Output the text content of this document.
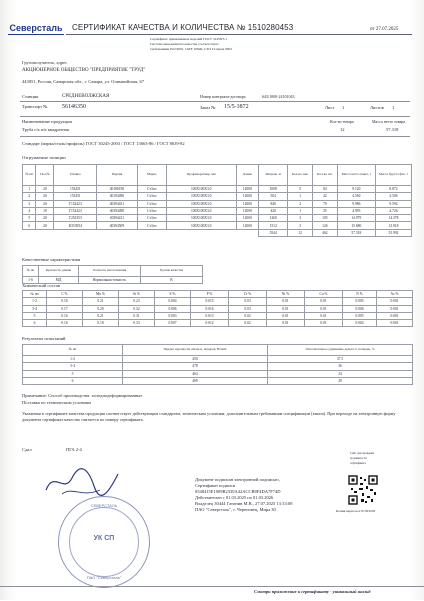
Северсталь СЕРТИФИКАТ КАЧЕСТВА И КОЛИЧЕСТВА № 1510280453	от 27.07.2025
Сертификат применяемых изделий ГОСТ 31458/3.1
Система менеджмента качества соответствует
требованиям ISO 9001, IATF 16949, СТО Газпром 9001
Грузополучатель, адрес
АКЦИОНЕРНОЕ ОБЩЕСТВО "ПРЕДПРИЯТИЕ "ТРУД"
443051, Россия, Самарская обл., г. Самара, ул. Олимпийская, 67
Станция	СРЕДНЕВОЛЖСКАЯ	Номер контракта-договора	643/1000-24101043
Транспорт № 56146350	Заказ № 15/5-3872	Лист 1	Листов 1
Наименование продукции
Труба г/к п/к квадратная
Кол-во товара	Масса нетто товара
12	57.318
Стандарт (марка/сталь/профиль) ГОСТ 30245-2003 / ГОСТ 13663-86 / ГОСТ 8639-82
Отгружаемые позиции
№ пп	Поз.№	Плавка	Партия	Марка	Профилеразмер, мм	Длина	Метраж, м	Кол-во пак.	Кол-во шт.	Масса нетто пакет, т	Масса брутто фак. т
1	20	153451	40180190	Ст3сп	100Х100Х3.0	12000	1008	5	84	9.120	8.872
2	20	153451	40194490	Ст3сп	100Х100Х3.0	12000	504	1	42	4.560	4.506
3	20	Г152423	40394431	Ст3сп	100Х100Х3.0	12000	840	2	70	9.986	9.592
4	10	Г152423	40394490	Ст3сп	100Х100Х3.0	12000	420	1	35	4.993	4.726
5	20	Г252353	40394411	Ст3сп	100Х100Х3.0	12000	1260	3	105	14.979	14.378
6	20	К353954	40394509	Ст3сп	100Х100Х3.0	12000	1512	3	126	15.680	13.918
							5544	12	462	57.318	55.992
Качественные характеристики
№ пп	Кратность длины	Точность изготовления	Группа качества
1-6	МД	Нормальная точность	В
Химический состав
№ пп	C %	Mn %	Si %	S %	P %	Cr %	Ni %	Cu %	N %	As %
1-2	0.16	0.21	0.23	0.004	0.015	0.03	0.01	0.01	0.005	0.001
3-4	0.17	0.20	0.32	0.006	0.016	0.03	0.01	0.01	0.006	0.001
5	0.16	0.21	0.31	0.003	0.013	0.02	0.01	0.01	0.005	0.001
6	0.16	0.18	0.33	0.007	0.012	0.02	0.01	0.01	0.004	0.001
Результаты испытаний
№ пп	Предел прочности сигма-в, поперек, Н/мм2	Относительное удлинение дельта-5, поперек, %
1-2	450	37.5
3-4	478	36
5	464	34
6	469	29
Примечание: Способ производства: холоднодеформированные
Поставка по техническим условиям
Указанная в сертификате качества продукция соответствует действующим стандартам, техническим условиям, дополнительным требованиям спецификации (заказа). При переходе на электронную форму документа сертификат качества считается по номеру сертификата.
Сдал	ПГА 2-4
СЕВЕРСТАЛЬ
УК СП
ПАО "Северсталь"
Документ подписан электронной подписью,
Сертификат подписи
0548415E1009B2339A42ACCB8F4DA7F74D
Действителен с 01.03.2025 по 01.03.2026
Владелец 30444 Гатонин М.В., 27.07.2025 13:33:08
ПАО "Северсталь", г. Череповец, Мира 30
Сайт для проверки
подлинности
сертификата
Копия верна кол 01503203
Смотри приложение к сертификату - уникальный шильд
